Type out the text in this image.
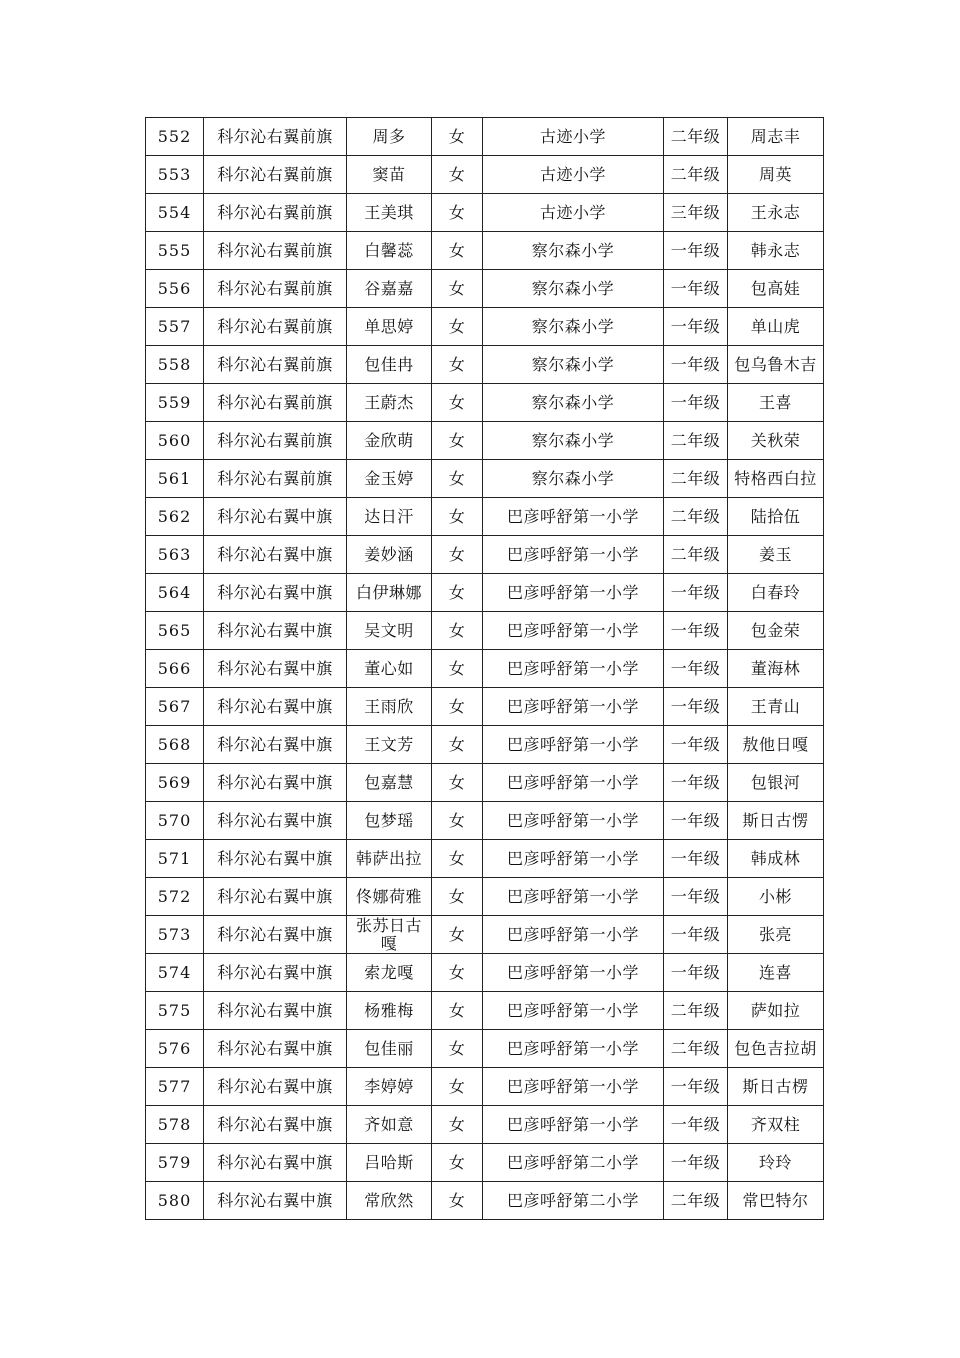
552	科尔沁右翼前旗	周多	女	古迹小学	二年级	周志丰
553	科尔沁右翼前旗	窦苗	女	古迹小学	二年级	周英
554	科尔沁右翼前旗	王美琪	女	古迹小学	三年级	王永志
555	科尔沁右翼前旗	白馨蕊	女	察尔森小学	一年级	韩永志
556	科尔沁右翼前旗	谷嘉嘉	女	察尔森小学	一年级	包高娃
557	科尔沁右翼前旗	单思婷	女	察尔森小学	一年级	单山虎
558	科尔沁右翼前旗	包佳冉	女	察尔森小学	一年级	包乌鲁木吉
559	科尔沁右翼前旗	王蔚杰	女	察尔森小学	一年级	王喜
560	科尔沁右翼前旗	金欣萌	女	察尔森小学	二年级	关秋荣
561	科尔沁右翼前旗	金玉婷	女	察尔森小学	二年级	特格西白拉
562	科尔沁右翼中旗	达日汗	女	巴彦呼舒第一小学	二年级	陆拾伍
563	科尔沁右翼中旗	姜妙涵	女	巴彦呼舒第一小学	二年级	姜玉
564	科尔沁右翼中旗	白伊琳娜	女	巴彦呼舒第一小学	一年级	白春玲
565	科尔沁右翼中旗	吴文明	女	巴彦呼舒第一小学	一年级	包金荣
566	科尔沁右翼中旗	董心如	女	巴彦呼舒第一小学	一年级	董海林
567	科尔沁右翼中旗	王雨欣	女	巴彦呼舒第一小学	一年级	王青山
568	科尔沁右翼中旗	王文芳	女	巴彦呼舒第一小学	一年级	敖他日嘎
569	科尔沁右翼中旗	包嘉慧	女	巴彦呼舒第一小学	一年级	包银河
570	科尔沁右翼中旗	包梦瑶	女	巴彦呼舒第一小学	一年级	斯日古愣
571	科尔沁右翼中旗	韩萨出拉	女	巴彦呼舒第一小学	一年级	韩成林
572	科尔沁右翼中旗	佟娜荷雅	女	巴彦呼舒第一小学	一年级	小彬
573	科尔沁右翼中旗	张苏日古嘎	女	巴彦呼舒第一小学	一年级	张亮
574	科尔沁右翼中旗	索龙嘎	女	巴彦呼舒第一小学	一年级	连喜
575	科尔沁右翼中旗	杨雅梅	女	巴彦呼舒第一小学	二年级	萨如拉
576	科尔沁右翼中旗	包佳丽	女	巴彦呼舒第一小学	二年级	包色吉拉胡
577	科尔沁右翼中旗	李婷婷	女	巴彦呼舒第一小学	一年级	斯日古楞
578	科尔沁右翼中旗	齐如意	女	巴彦呼舒第一小学	一年级	齐双柱
579	科尔沁右翼中旗	吕哈斯	女	巴彦呼舒第二小学	一年级	玲玲
580	科尔沁右翼中旗	常欣然	女	巴彦呼舒第二小学	二年级	常巴特尔
